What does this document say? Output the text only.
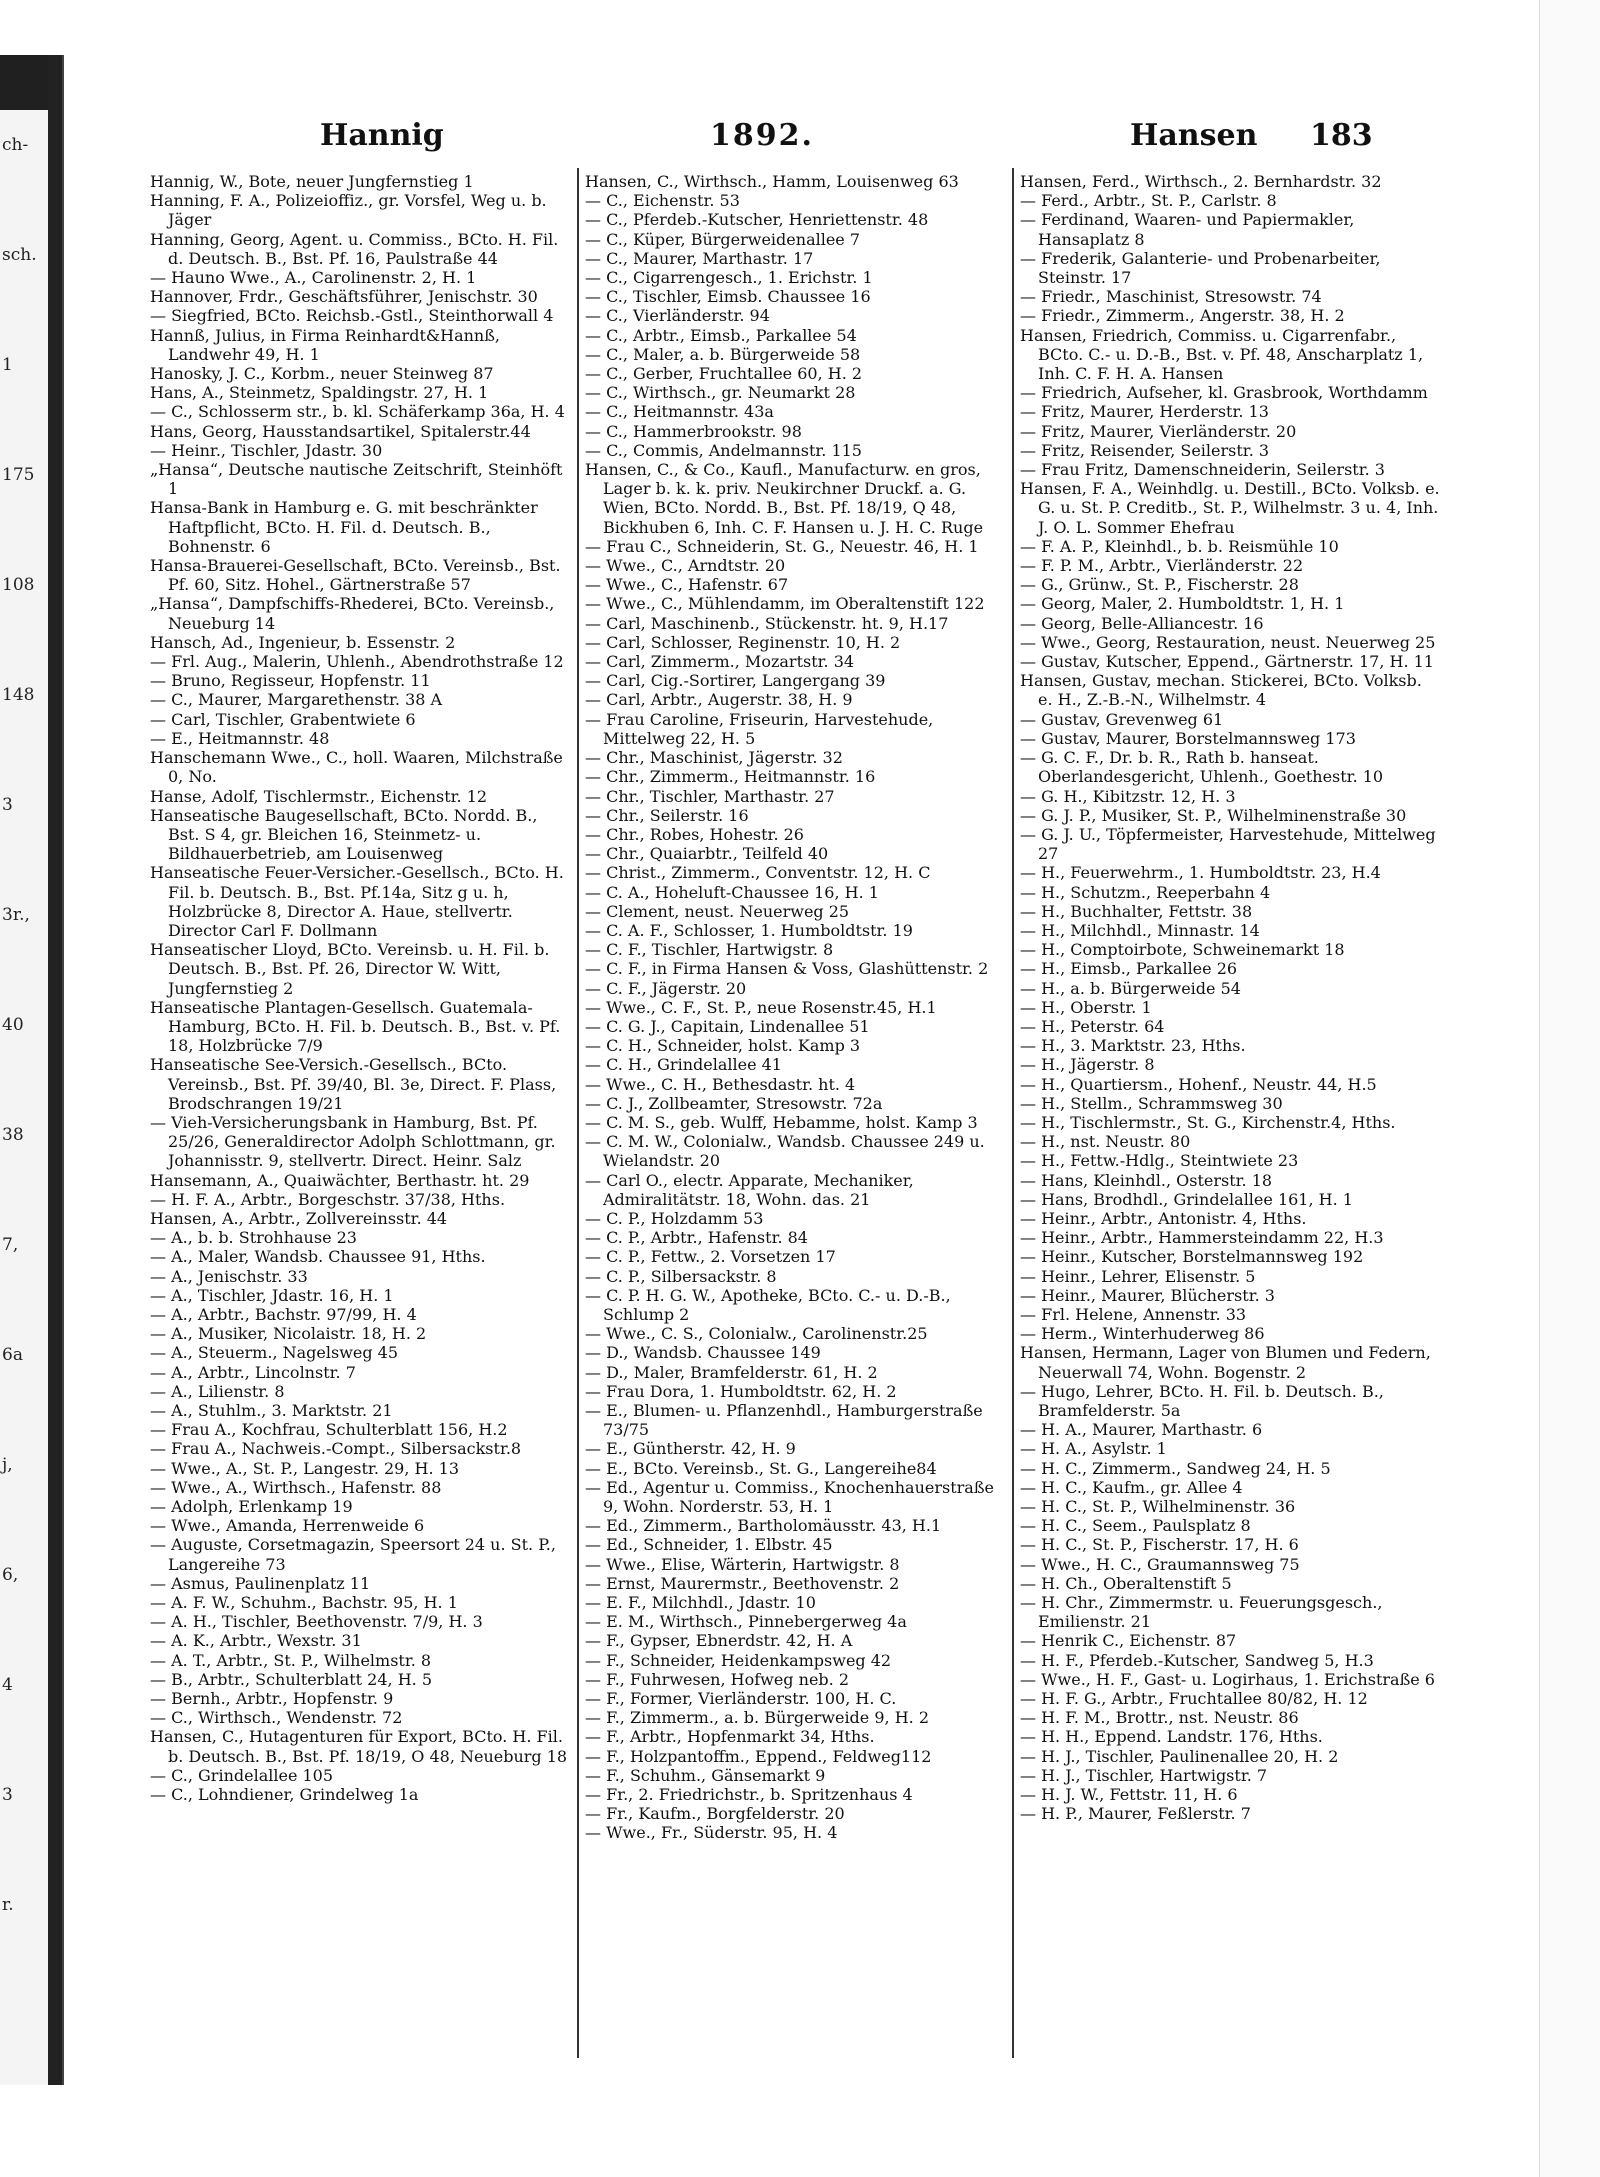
ch-
sch.
1
175
108
148
3
3r.,
40
38
7,
6a
j,
6,
4
3
r.
Hannig	1892.	Hansen 183
Hannig, W., Bote, neuer Jungfernstieg 1
Hanning, F. A., Polizeioffiz., gr. Vorsfel, Weg u. b. Jäger
Hanning, Georg, Agent. u. Commiss., BCto. H. Fil. d. Deutsch. B., Bst. Pf. 16, Paulstraße 44
— Hauno Wwe., A., Carolinenstr. 2, H. 1
Hannover, Frdr., Geschäftsführer, Jenischstr. 30
— Siegfried, BCto. Reichsb.-Gstl., Steinthorwall 4
Hannß, Julius, in Firma Reinhardt&Hannß, Landwehr 49, H. 1
Hanosky, J. C., Korbm., neuer Steinweg 87
Hans, A., Steinmetz, Spaldingstr. 27, H. 1
— C., Schlosserm str., b. kl. Schäferkamp 36a, H. 4
Hans, Georg, Hausstandsartikel, Spitalerstr.44
— Heinr., Tischler, Jdastr. 30
„Hansa“, Deutsche nautische Zeitschrift, Steinhöft 1
Hansa-Bank in Hamburg e. G. mit beschränkter Haftpflicht, BCto. H. Fil. d. Deutsch. B., Bohnenstr. 6
Hansa-Brauerei-Gesellschaft, BCto. Vereinsb., Bst. Pf. 60, Sitz. Hohel., Gärtnerstraße 57
„Hansa“, Dampfschiffs-Rhederei, BCto. Vereinsb., Neueburg 14
Hansch, Ad., Ingenieur, b. Essenstr. 2
— Frl. Aug., Malerin, Uhlenh., Abendrothstraße 12
— Bruno, Regisseur, Hopfenstr. 11
— C., Maurer, Margarethenstr. 38 A
— Carl, Tischler, Grabentwiete 6
— E., Heitmannstr. 48
Hanschemann Wwe., C., holl. Waaren, Milchstraße 0, No.
Hanse, Adolf, Tischlermstr., Eichenstr. 12
Hanseatische Baugesellschaft, BCto. Nordd. B., Bst. S 4, gr. Bleichen 16, Steinmetz- u. Bildhauerbetrieb, am Louisenweg
Hanseatische Feuer-Versicher.-Gesellsch., BCto. H. Fil. b. Deutsch. B., Bst. Pf.14a, Sitz g u. h, Holzbrücke 8, Director A. Haue, stellvertr. Director Carl F. Dollmann
Hanseatischer Lloyd, BCto. Vereinsb. u. H. Fil. b. Deutsch. B., Bst. Pf. 26, Director W. Witt, Jungfernstieg 2
Hanseatische Plantagen-Gesellsch. Guatemala-Hamburg, BCto. H. Fil. b. Deutsch. B., Bst. v. Pf. 18, Holzbrücke 7/9
Hanseatische See-Versich.-Gesellsch., BCto. Vereinsb., Bst. Pf. 39/40, Bl. 3e, Direct. F. Plass, Brodschrangen 19/21
— Vieh-Versicherungsbank in Hamburg, Bst. Pf. 25/26, Generaldirector Adolph Schlottmann, gr. Johannisstr. 9, stellvertr. Direct. Heinr. Salz
Hansemann, A., Quaiwächter, Berthastr. ht. 29
— H. F. A., Arbtr., Borgeschstr. 37/38, Hths.
Hansen, A., Arbtr., Zollvereinsstr. 44
— A., b. b. Strohhause 23
— A., Maler, Wandsb. Chaussee 91, Hths.
— A., Jenischstr. 33
— A., Tischler, Jdastr. 16, H. 1
— A., Arbtr., Bachstr. 97/99, H. 4
— A., Musiker, Nicolaistr. 18, H. 2
— A., Steuerm., Nagelsweg 45
— A., Arbtr., Lincolnstr. 7
— A., Lilienstr. 8
— A., Stuhlm., 3. Marktstr. 21
— Frau A., Kochfrau, Schulterblatt 156, H.2
— Frau A., Nachweis.-Compt., Silbersackstr.8
— Wwe., A., St. P., Langestr. 29, H. 13
— Wwe., A., Wirthsch., Hafenstr. 88
— Adolph, Erlenkamp 19
— Wwe., Amanda, Herrenweide 6
— Auguste, Corsetmagazin, Speersort 24 u. St. P., Langereihe 73
— Asmus, Paulinenplatz 11
— A. F. W., Schuhm., Bachstr. 95, H. 1
— A. H., Tischler, Beethovenstr. 7/9, H. 3
— A. K., Arbtr., Wexstr. 31
— A. T., Arbtr., St. P., Wilhelmstr. 8
— B., Arbtr., Schulterblatt 24, H. 5
— Bernh., Arbtr., Hopfenstr. 9
— C., Wirthsch., Wendenstr. 72
Hansen, C., Hutagenturen für Export, BCto. H. Fil. b. Deutsch. B., Bst. Pf. 18/19, O 48, Neueburg 18
— C., Grindelallee 105
— C., Lohndiener, Grindelweg 1a
Hansen, C., Wirthsch., Hamm, Louisenweg 63
— C., Eichenstr. 53
— C., Pferdeb.-Kutscher, Henriettenstr. 48
— C., Küper, Bürgerweidenallee 7
— C., Maurer, Marthastr. 17
— C., Cigarrengesch., 1. Erichstr. 1
— C., Tischler, Eimsb. Chaussee 16
— C., Vierländerstr. 94
— C., Arbtr., Eimsb., Parkallee 54
— C., Maler, a. b. Bürgerweide 58
— C., Gerber, Fruchtallee 60, H. 2
— C., Wirthsch., gr. Neumarkt 28
— C., Heitmannstr. 43a
— C., Hammerbrookstr. 98
— C., Commis, Andelmannstr. 115
Hansen, C., & Co., Kaufl., Manufacturw. en gros, Lager b. k. k. priv. Neukirchner Druckf. a. G. Wien, BCto. Nordd. B., Bst. Pf. 18/19, Q 48, Bickhuben 6, Inh. C. F. Hansen u. J. H. C. Ruge
— Frau C., Schneiderin, St. G., Neuestr. 46, H. 1
— Wwe., C., Arndtstr. 20
— Wwe., C., Hafenstr. 67
— Wwe., C., Mühlendamm, im Oberaltenstift 122
— Carl, Maschinenb., Stückenstr. ht. 9, H.17
— Carl, Schlosser, Reginenstr. 10, H. 2
— Carl, Zimmerm., Mozartstr. 34
— Carl, Cig.-Sortirer, Langergang 39
— Carl, Arbtr., Augerstr. 38, H. 9
— Frau Caroline, Friseurin, Harvestehude, Mittelweg 22, H. 5
— Chr., Maschinist, Jägerstr. 32
— Chr., Zimmerm., Heitmannstr. 16
— Chr., Tischler, Marthastr. 27
— Chr., Seilerstr. 16
— Chr., Robes, Hohestr. 26
— Chr., Quaiarbtr., Teilfeld 40
— Christ., Zimmerm., Conventstr. 12, H. C
— C. A., Hoheluft-Chaussee 16, H. 1
— Clement, neust. Neuerweg 25
— C. A. F., Schlosser, 1. Humboldtstr. 19
— C. F., Tischler, Hartwigstr. 8
— C. F., in Firma Hansen & Voss, Glashüttenstr. 2
— C. F., Jägerstr. 20
— Wwe., C. F., St. P., neue Rosenstr.45, H.1
— C. G. J., Capitain, Lindenallee 51
— C. H., Schneider, holst. Kamp 3
— C. H., Grindelallee 41
— Wwe., C. H., Bethesdastr. ht. 4
— C. J., Zollbeamter, Stresowstr. 72a
— C. M. S., geb. Wulff, Hebamme, holst. Kamp 3
— C. M. W., Colonialw., Wandsb. Chaussee 249 u. Wielandstr. 20
— Carl O., electr. Apparate, Mechaniker, Admiralitätstr. 18, Wohn. das. 21
— C. P., Holzdamm 53
— C. P., Arbtr., Hafenstr. 84
— C. P., Fettw., 2. Vorsetzen 17
— C. P., Silbersackstr. 8
— C. P. H. G. W., Apotheke, BCto. C.- u. D.-B., Schlump 2
— Wwe., C. S., Colonialw., Carolinenstr.25
— D., Wandsb. Chaussee 149
— D., Maler, Bramfelderstr. 61, H. 2
— Frau Dora, 1. Humboldtstr. 62, H. 2
— E., Blumen- u. Pflanzenhdl., Hamburgerstraße 73/75
— E., Güntherstr. 42, H. 9
— E., BCto. Vereinsb., St. G., Langereihe84
— Ed., Agentur u. Commiss., Knochenhauerstraße 9, Wohn. Norderstr. 53, H. 1
— Ed., Zimmerm., Bartholomäusstr. 43, H.1
— Ed., Schneider, 1. Elbstr. 45
— Wwe., Elise, Wärterin, Hartwigstr. 8
— Ernst, Maurermstr., Beethovenstr. 2
— E. F., Milchhdl., Jdastr. 10
— E. M., Wirthsch., Pinnebergerweg 4a
— F., Gypser, Ebnerdstr. 42, H. A
— F., Schneider, Heidenkampsweg 42
— F., Fuhrwesen, Hofweg neb. 2
— F., Former, Vierländerstr. 100, H. C.
— F., Zimmerm., a. b. Bürgerweide 9, H. 2
— F., Arbtr., Hopfenmarkt 34, Hths.
— F., Holzpantoffm., Eppend., Feldweg112
— F., Schuhm., Gänsemarkt 9
— Fr., 2. Friedrichstr., b. Spritzenhaus 4
— Fr., Kaufm., Borgfelderstr. 20
— Wwe., Fr., Süderstr. 95, H. 4
Hansen, Ferd., Wirthsch., 2. Bernhardstr. 32
— Ferd., Arbtr., St. P., Carlstr. 8
— Ferdinand, Waaren- und Papiermakler, Hansaplatz 8
— Frederik, Galanterie- und Probenarbeiter, Steinstr. 17
— Friedr., Maschinist, Stresowstr. 74
— Friedr., Zimmerm., Angerstr. 38, H. 2
Hansen, Friedrich, Commiss. u. Cigarrenfabr., BCto. C.- u. D.-B., Bst. v. Pf. 48, Anscharplatz 1, Inh. C. F. H. A. Hansen
— Friedrich, Aufseher, kl. Grasbrook, Worthdamm
— Fritz, Maurer, Herderstr. 13
— Fritz, Maurer, Vierländerstr. 20
— Fritz, Reisender, Seilerstr. 3
— Frau Fritz, Damenschneiderin, Seilerstr. 3
Hansen, F. A., Weinhdlg. u. Destill., BCto. Volksb. e. G. u. St. P. Creditb., St. P., Wilhelmstr. 3 u. 4, Inh. J. O. L. Sommer Ehefrau
— F. A. P., Kleinhdl., b. b. Reismühle 10
— F. P. M., Arbtr., Vierländerstr. 22
— G., Grünw., St. P., Fischerstr. 28
— Georg, Maler, 2. Humboldtstr. 1, H. 1
— Georg, Belle-Alliancestr. 16
— Wwe., Georg, Restauration, neust. Neuerweg 25
— Gustav, Kutscher, Eppend., Gärtnerstr. 17, H. 11
Hansen, Gustav, mechan. Stickerei, BCto. Volksb. e. H., Z.-B.-N., Wilhelmstr. 4
— Gustav, Grevenweg 61
— Gustav, Maurer, Borstelmannsweg 173
— G. C. F., Dr. b. R., Rath b. hanseat. Oberlandesgericht, Uhlenh., Goethestr. 10
— G. H., Kibitzstr. 12, H. 3
— G. J. P., Musiker, St. P., Wilhelminenstraße 30
— G. J. U., Töpfermeister, Harvestehude, Mittelweg 27
— H., Feuerwehrm., 1. Humboldtstr. 23, H.4
— H., Schutzm., Reeperbahn 4
— H., Buchhalter, Fettstr. 38
— H., Milchhdl., Minnastr. 14
— H., Comptoirbote, Schweinemarkt 18
— H., Eimsb., Parkallee 26
— H., a. b. Bürgerweide 54
— H., Oberstr. 1
— H., Peterstr. 64
— H., 3. Marktstr. 23, Hths.
— H., Jägerstr. 8
— H., Quartiersm., Hohenf., Neustr. 44, H.5
— H., Stellm., Schrammsweg 30
— H., Tischlermstr., St. G., Kirchenstr.4, Hths.
— H., nst. Neustr. 80
— H., Fettw.-Hdlg., Steintwiete 23
— Hans, Kleinhdl., Osterstr. 18
— Hans, Brodhdl., Grindelallee 161, H. 1
— Heinr., Arbtr., Antonistr. 4, Hths.
— Heinr., Arbtr., Hammersteindamm 22, H.3
— Heinr., Kutscher, Borstelmannsweg 192
— Heinr., Lehrer, Elisenstr. 5
— Heinr., Maurer, Blücherstr. 3
— Frl. Helene, Annenstr. 33
— Herm., Winterhuderweg 86
Hansen, Hermann, Lager von Blumen und Federn, Neuerwall 74, Wohn. Bogenstr. 2
— Hugo, Lehrer, BCto. H. Fil. b. Deutsch. B., Bramfelderstr. 5a
— H. A., Maurer, Marthastr. 6
— H. A., Asylstr. 1
— H. C., Zimmerm., Sandweg 24, H. 5
— H. C., Kaufm., gr. Allee 4
— H. C., St. P., Wilhelminenstr. 36
— H. C., Seem., Paulsplatz 8
— H. C., St. P., Fischerstr. 17, H. 6
— Wwe., H. C., Graumannsweg 75
— H. Ch., Oberaltenstift 5
— H. Chr., Zimmermstr. u. Feuerungsgesch., Emilienstr. 21
— Henrik C., Eichenstr. 87
— H. F., Pferdeb.-Kutscher, Sandweg 5, H.3
— Wwe., H. F., Gast- u. Logirhaus, 1. Erichstraße 6
— H. F. G., Arbtr., Fruchtallee 80/82, H. 12
— H. F. M., Brottr., nst. Neustr. 86
— H. H., Eppend. Landstr. 176, Hths.
— H. J., Tischler, Paulinenallee 20, H. 2
— H. J., Tischler, Hartwigstr. 7
— H. J. W., Fettstr. 11, H. 6
— H. P., Maurer, Feßlerstr. 7
